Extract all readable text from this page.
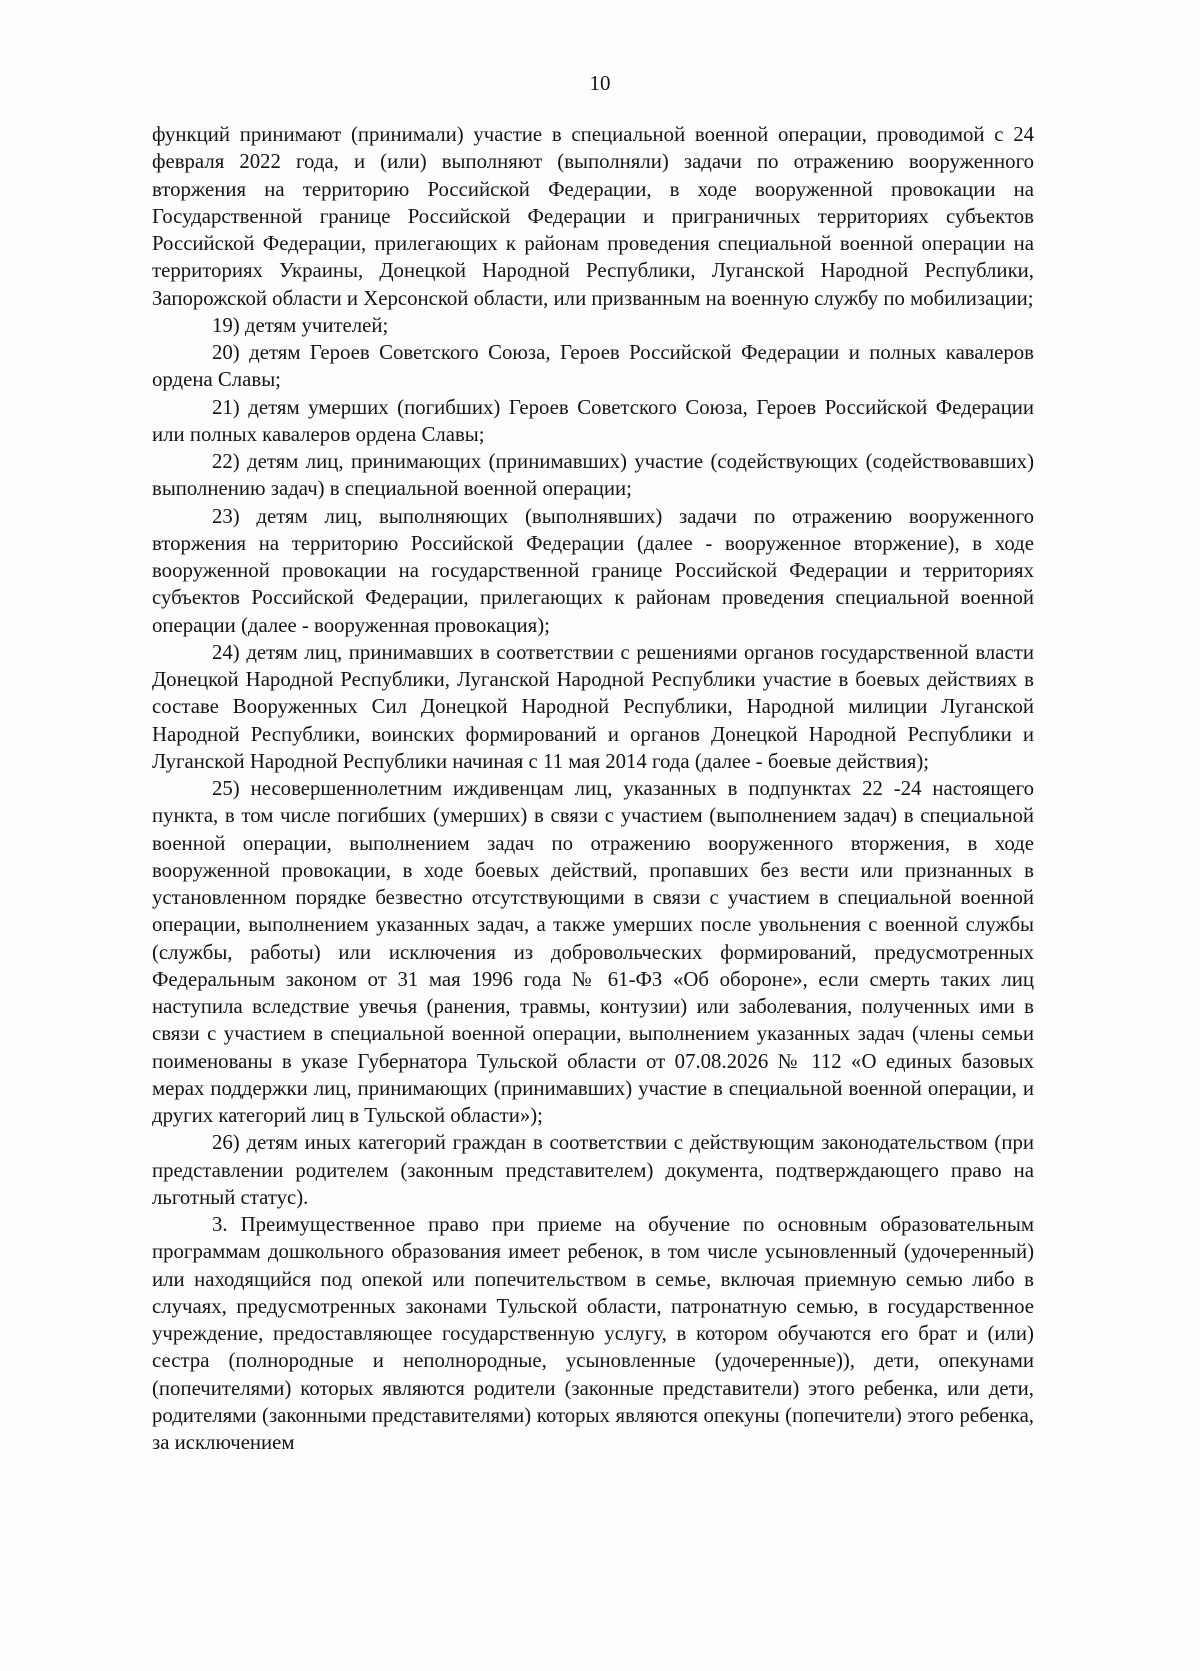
10

функций принимают (принимали) участие в специальной военной операции, проводимой с 24 февраля 2022 года, и (или) выполняют (выполняли) задачи по отражению вооруженного вторжения на территорию Российской Федерации, в ходе вооруженной провокации на Государственной границе Российской Федерации и приграничных территориях субъектов Российской Федерации, прилегающих к районам проведения специальной военной операции на территориях Украины, Донецкой Народной Республики, Луганской Народной Республики, Запорожской области и Херсонской области, или призванным на военную службу по мобилизации;

19) детям учителей;

20) детям Героев Советского Союза, Героев Российской Федерации и полных кавалеров ордена Славы;

21) детям умерших (погибших) Героев Советского Союза, Героев Российской Федерации или полных кавалеров ордена Славы;

22) детям лиц, принимающих (принимавших) участие (содействующих (содействовавших) выполнению задач) в специальной военной операции;

23) детям лиц, выполняющих (выполнявших) задачи по отражению вооруженного вторжения на территорию Российской Федерации (далее - вооруженное вторжение), в ходе вооруженной провокации на государственной границе Российской Федерации и территориях субъектов Российской Федерации, прилегающих к районам проведения специальной военной операции (далее - вооруженная провокация);

24) детям лиц, принимавших в соответствии с решениями органов государственной власти Донецкой Народной Республики, Луганской Народной Республики участие в боевых действиях в составе Вооруженных Сил Донецкой Народной Республики, Народной милиции Луганской Народной Республики, воинских формирований и органов Донецкой Народной Республики и Луганской Народной Республики начиная с 11 мая 2014 года (далее - боевые действия);

25) несовершеннолетним иждивенцам лиц, указанных в подпунктах 22 -24 настоящего пункта, в том числе погибших (умерших) в связи с участием (выполнением задач) в специальной военной операции, выполнением задач по отражению вооруженного вторжения, в ходе вооруженной провокации, в ходе боевых действий, пропавших без вести или признанных в установленном порядке безвестно отсутствующими в связи с участием в специальной военной операции, выполнением указанных задач, а также умерших после увольнения с военной службы (службы, работы) или исключения из добровольческих формирований, предусмотренных Федеральным законом от 31 мая 1996 года № 61-ФЗ «Об обороне», если смерть таких лиц наступила вследствие увечья (ранения, травмы, контузии) или заболевания, полученных ими в связи с участием в специальной военной операции, выполнением указанных задач (члены семьи поименованы в указе Губернатора Тульской области от 07.08.2026 № 112 «О единых базовых мерах поддержки лиц, принимающих (принимавших) участие в специальной военной операции, и других категорий лиц в Тульской области»);

26) детям иных категорий граждан в соответствии с действующим законодательством (при представлении родителем (законным представителем) документа, подтверждающего право на льготный статус).

3. Преимущественное право при приеме на обучение по основным образовательным программам дошкольного образования имеет ребенок, в том числе усыновленный (удочеренный) или находящийся под опекой или попечительством в семье, включая приемную семью либо в случаях, предусмотренных законами Тульской области, патронатную семью, в государственное учреждение, предоставляющее государственную услугу, в котором обучаются его брат и (или) сестра (полнородные и неполнородные, усыновленные (удочеренные)), дети, опекунами (попечителями) которых являются родители (законные представители) этого ребенка, или дети, родителями (законными представителями) которых являются опекуны (попечители) этого ребенка, за исключением
